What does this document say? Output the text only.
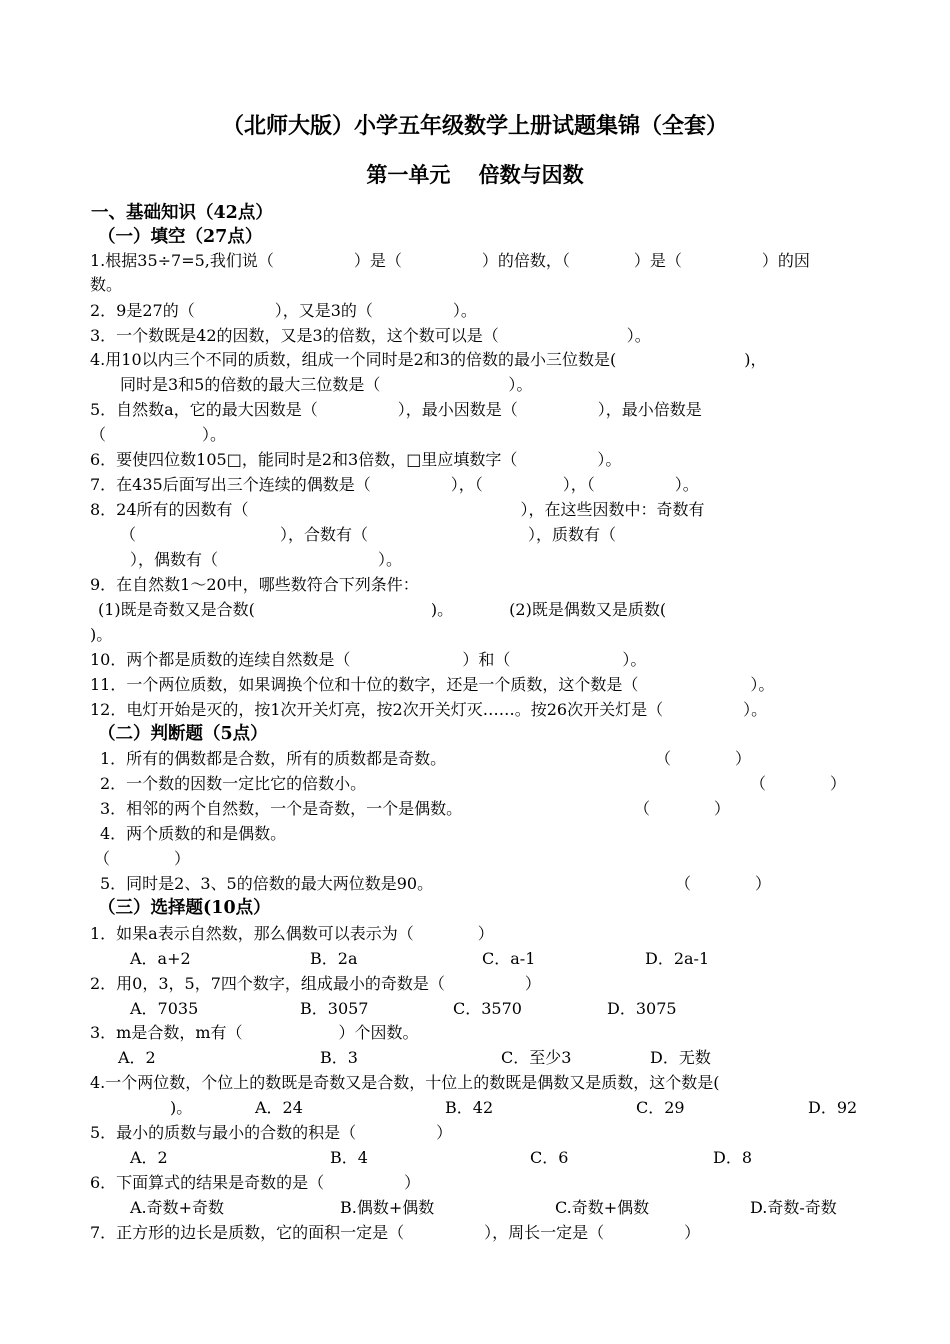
（北师大版）小学五年级数学上册试题集锦（全套）
第一单元　 倍数与因数
一、基础知识（42点）
（一）填空（27点）
1.根据35÷7=5,我们说（　　　　　）是（　　　　　）的倍数，（　　　　）是（　　　　　）的因
数。
2．9是27的（　　　　　），又是3的（　　　　　）。
3．一个数既是42的因数，又是3的倍数，这个数可以是（　　　　　　　　）。
4.用10以内三个不同的质数，组成一个同时是2和3的倍数的最小三位数是(　　　　　　　　)，
同时是3和5的倍数的最大三位数是（　　　　　　　　）。
5．自然数a，它的最大因数是（　　　　　），最小因数是（　　　　　），最小倍数是
（　　　　　　）。
6．要使四位数105□，能同时是2和3倍数，□里应填数字（　　　　　）。
7．在435后面写出三个连续的偶数是（　　　　　），（　　　　　），（　　　　　）。
8．24所有的因数有（　　　　　　　　　　　　　　　　　），在这些因数中：奇数有
（　　　　　　　　　），合数有（　　　　　　　　　　），质数有（
），偶数有（　　　　　　　　　　）。
9．在自然数1～20中，哪些数符合下列条件：
(1)既是奇数又是合数(　　　　　　　　　　　)。　　　　(2)既是偶数又是质数(
)。
10．两个都是质数的连续自然数是（　　　　　　　）和（　　　　　　　）。
11．一个两位质数，如果调换个位和十位的数字，还是一个质数，这个数是（　　　　　　　）。
12．电灯开始是灭的，按1次开关灯亮，按2次开关灯灭……。按26次开关灯是（　　　　　）。
（二）判断题（5点）
1．所有的偶数都是合数，所有的质数都是奇数。	（　　　　）
2．一个数的因数一定比它的倍数小。	（　　　　）
3．相邻的两个自然数，一个是奇数，一个是偶数。	（　　　　）
4．两个质数的和是偶数。
（　　　　）
5．同时是2、3、5的倍数的最大两位数是90。	（　　　　）
（三）选择题(10点）
1．如果a表示自然数，那么偶数可以表示为（　　　　）
A．a+2	B．2a	C．a-1	D．2a-1
2．用0，3，5，7四个数字，组成最小的奇数是（　　　　　）
A．7035	B．3057	C．3570	D．3075
3．m是合数，m有（　　　　　　）个因数。
A．2	B．3	C．至少3	D．无数
4.一个两位数，个位上的数既是奇数又是合数，十位上的数既是偶数又是质数，这个数是(
)。	A．24	B．42	C．29	D．92
5．最小的质数与最小的合数的积是（　　　　　）
A．2	B．4	C．6	D．8
6．下面算式的结果是奇数的是（　　　　　）
A.奇数+奇数	B.偶数+偶数	C.奇数+偶数	D.奇数-奇数
7．正方形的边长是质数，它的面积一定是（　　　　　），周长一定是（　　　　　）
